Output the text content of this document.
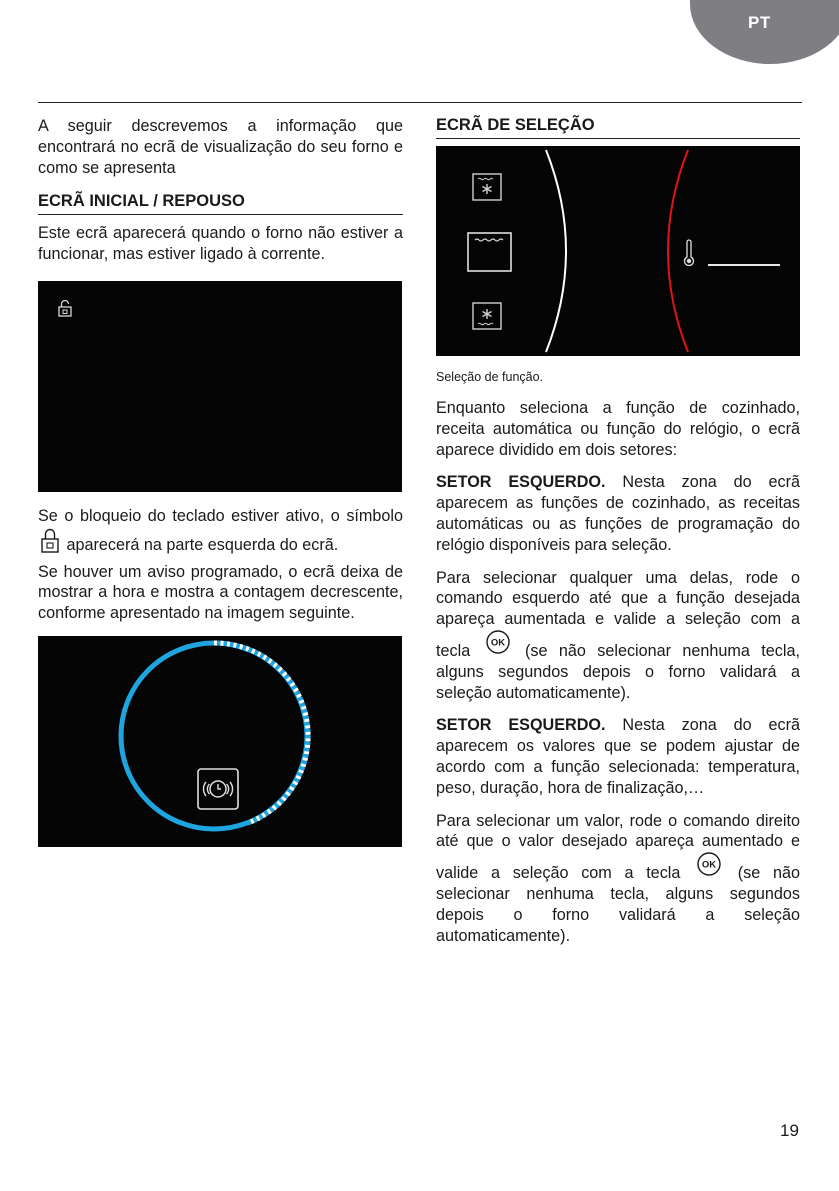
PT

A seguir descrevemos a informação que encontrará no ecrã de visualização do seu forno e como se apresenta

ECRÃ INICIAL / REPOUSO

Este ecrã aparecerá quando o forno não estiver a funcionar, mas estiver ligado à corrente.

Se o bloqueio do teclado estiver ativo, o símbolo  aparecerá na parte esquerda do ecrã.

Se houver um aviso programado, o ecrã deixa de mostrar a hora e mostra a contagem decrescente, conforme apresentado na imagem seguinte.

ECRÃ DE SELEÇÃO

Seleção de função.

Enquanto seleciona a função de cozinhado, receita automática ou função do relógio, o ecrã aparece dividido em dois setores:

SETOR ESQUERDO. Nesta zona do ecrã aparecem as funções de cozinhado, as receitas automáticas ou as funções de programação do relógio disponíveis para seleção.

Para selecionar qualquer uma delas, rode o comando esquerdo até que a função desejada apareça aumentada e valide a seleção com a tecla OK (se não selecionar nenhuma tecla, alguns segundos depois o forno validará a seleção automaticamente).

SETOR ESQUERDO. Nesta zona do ecrã aparecem os valores que se podem ajustar de acordo com a função selecionada: temperatura, peso, duração, hora de finalização,…

Para selecionar um valor, rode o comando direito até que o valor desejado apareça aumentado e valide a seleção com a tecla OK (se não selecionar nenhuma tecla, alguns segundos depois o forno validará a seleção automaticamente).

19
